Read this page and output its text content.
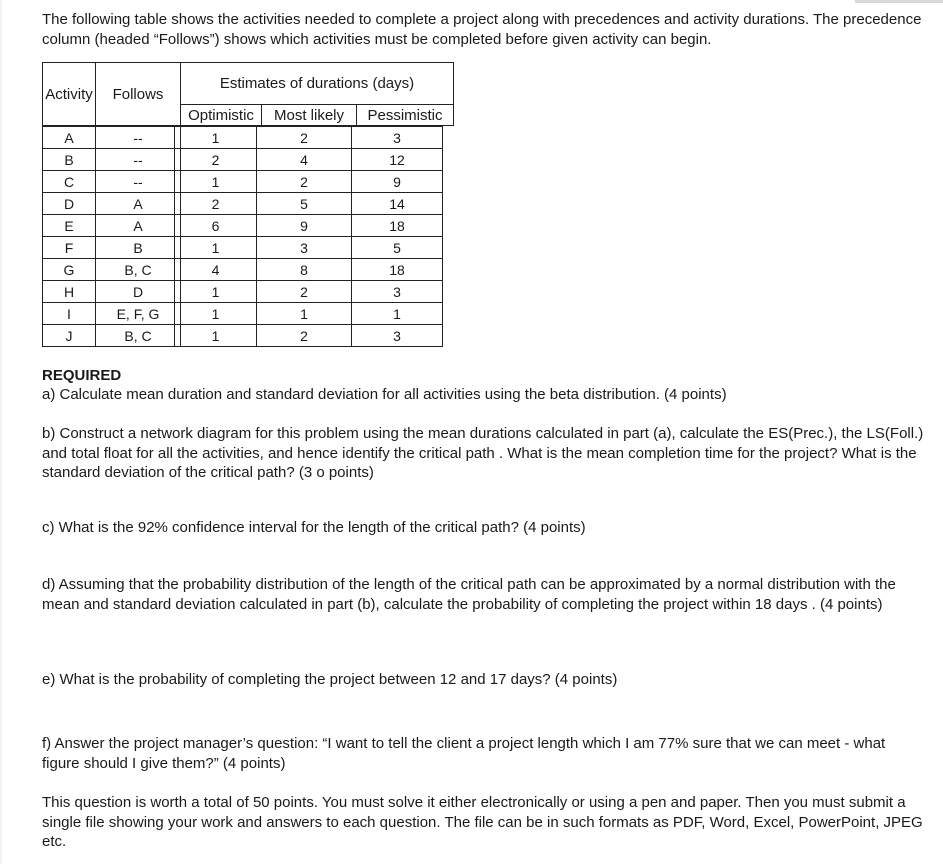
The following table shows the activities needed to complete a project along with precedences and activity durations. The precedence column (headed “Follows”) shows which activities must be completed before given activity can begin.

Activity	Follows
Estimates of durations (days)
Optimistic	Most likely	Pessimistic
A	--	1	2	3
B	--	2	4	12
C	--	1	2	9
D	A	2	5	14
E	A	6	9	18
F	B	1	3	5
G	B, C	4	8	18
H	D	1	2	3
I	E, F, G	1	1	1
J	B, C	1	2	3
REQUIRED

a) Calculate mean duration and standard deviation for all activities using the beta distribution. (4 points)

b) Construct a network diagram for this problem using the mean durations calculated in part (a), calculate the ES(Prec.), the LS(Foll.) and total float for all the activities, and hence identify the critical path . What is the mean completion time for the project? What is the standard deviation of the critical path? (3 o points)

c) What is the 92% confidence interval for the length of the critical path? (4 points)

d) Assuming that the probability distribution of the length of the critical path can be approximated by a normal distribution with the mean and standard deviation calculated in part (b), calculate the probability of completing the project within 18 days . (4 points)

e) What is the probability of completing the project between 12 and 17 days? (4 points)

f) Answer the project manager’s question: “I want to tell the client a project length which I am 77% sure that we can meet - what figure should I give them?” (4 points)

This question is worth a total of 50 points. You must solve it either electronically or using a pen and paper. Then you must submit a single file showing your work and answers to each question. The file can be in such formats as PDF, Word, Excel, PowerPoint, JPEG etc.
